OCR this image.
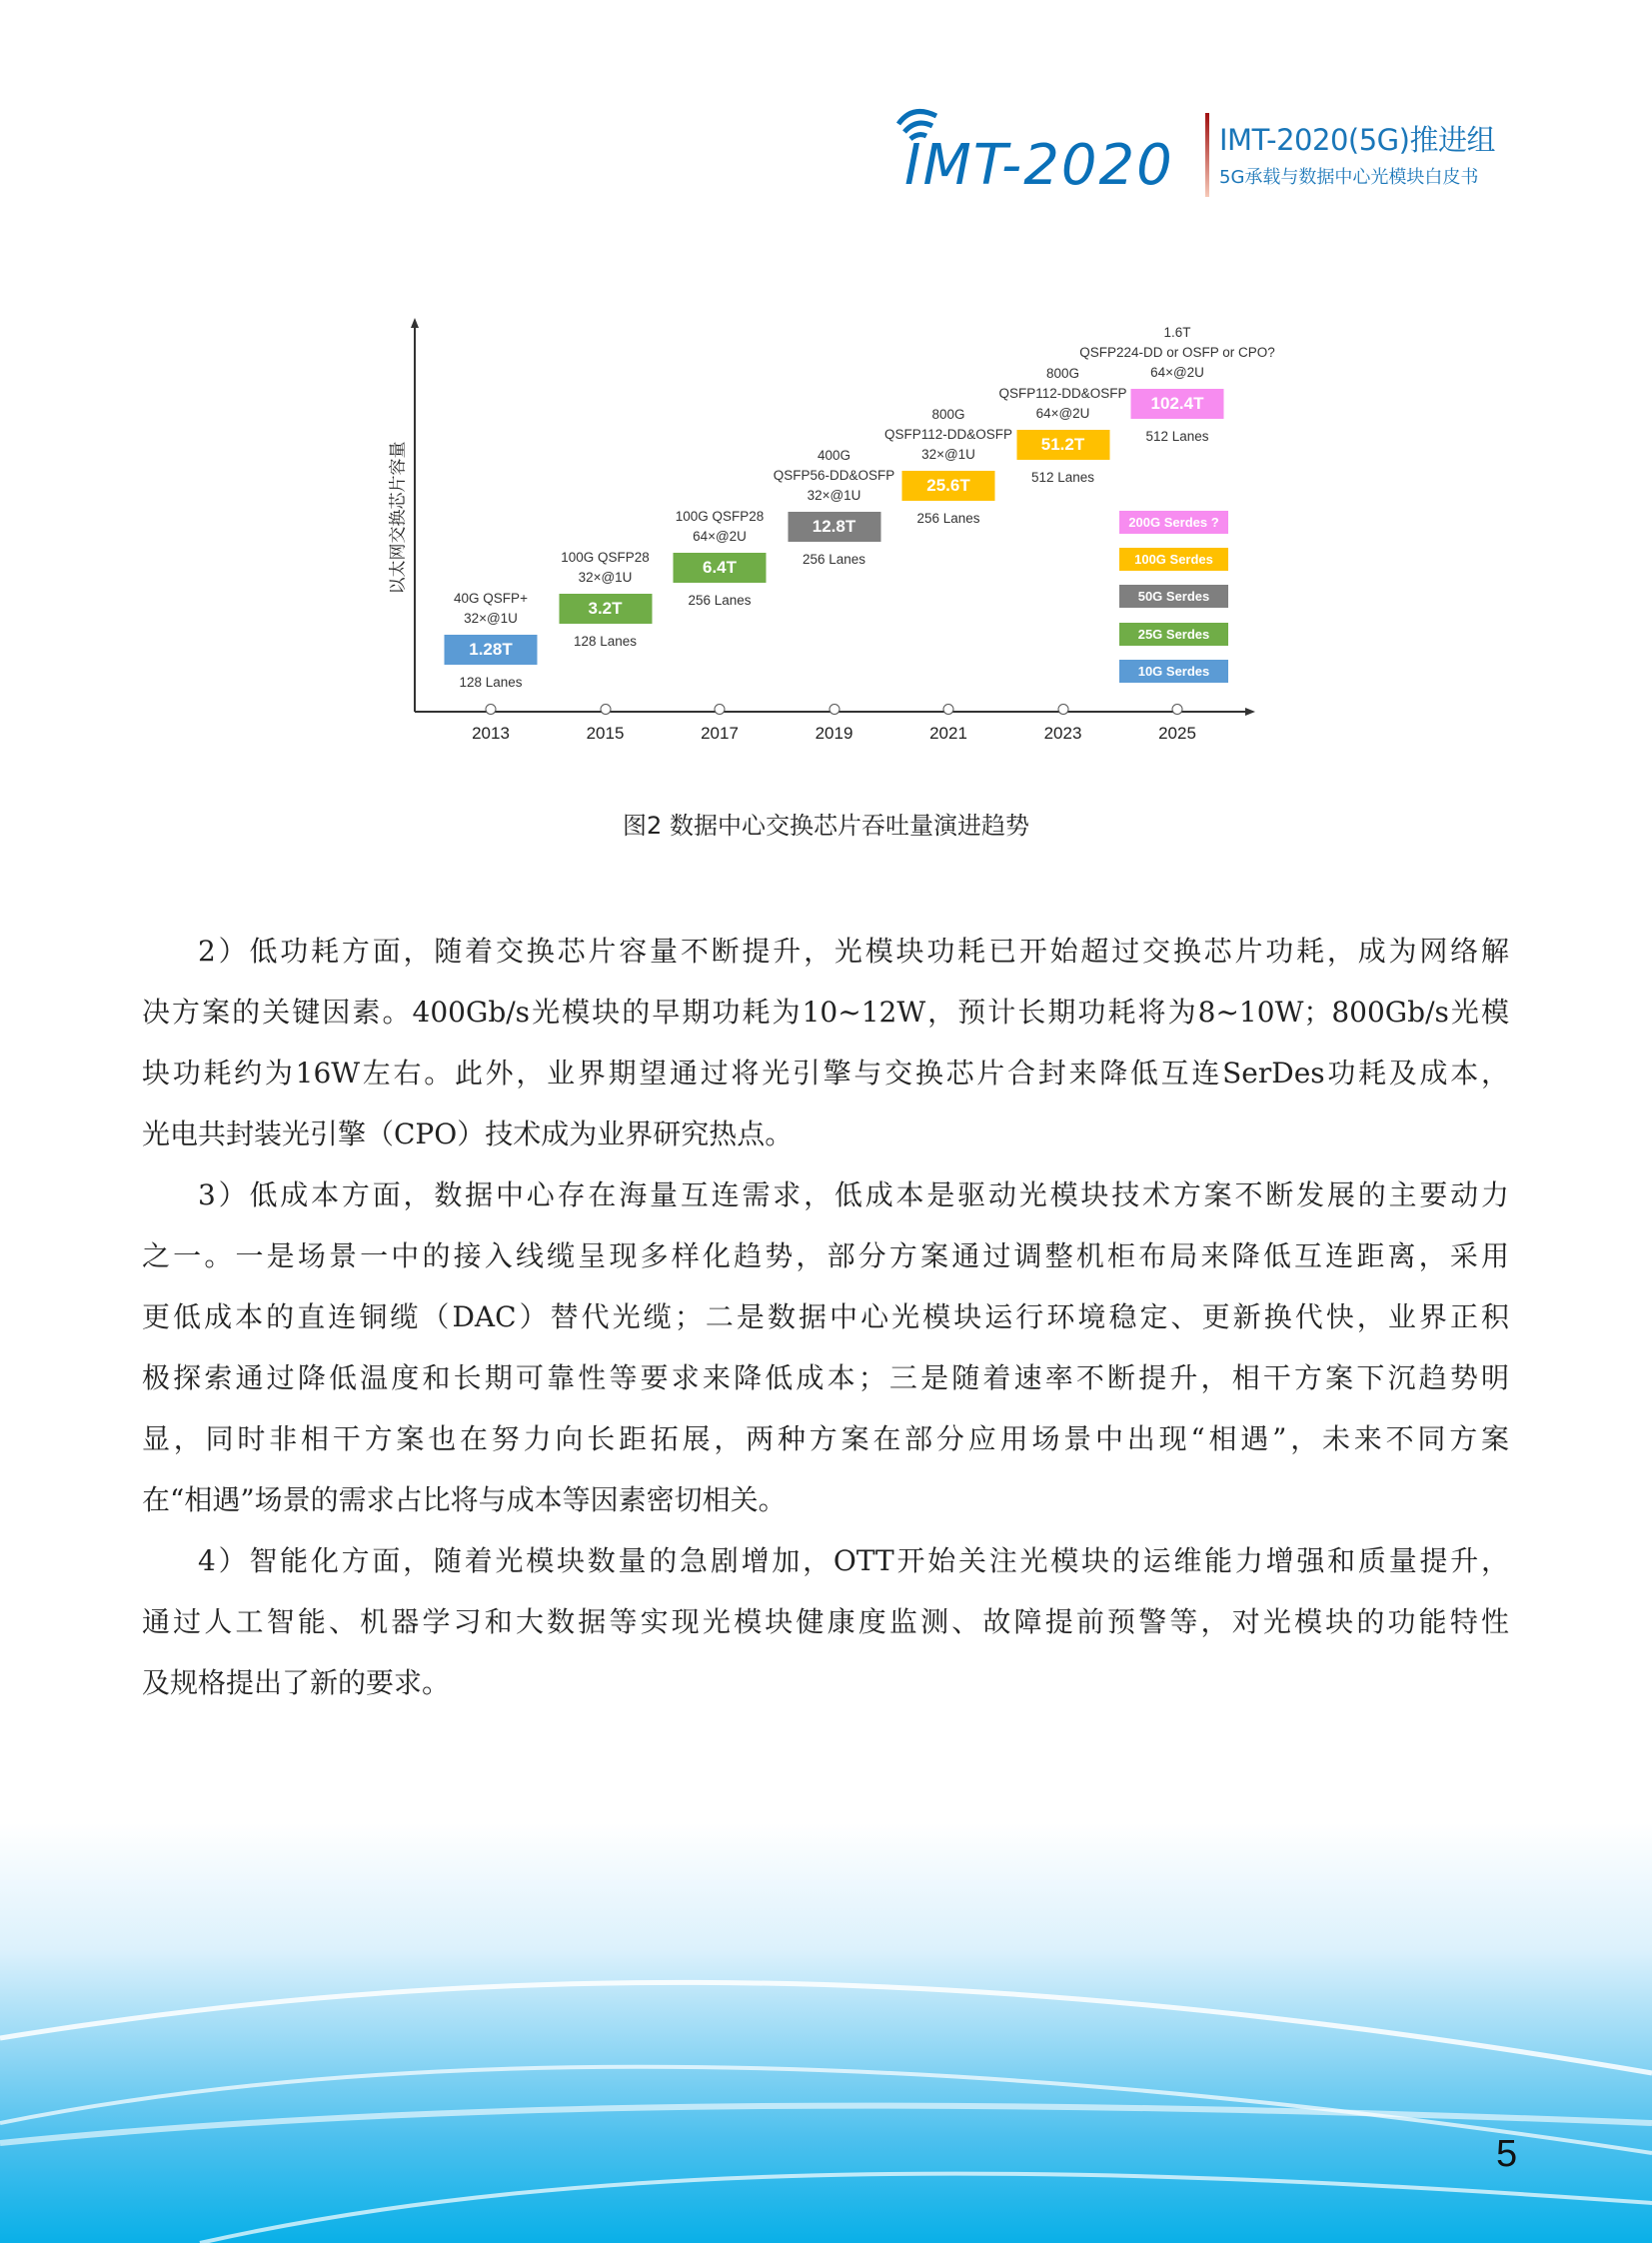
IMT-2020 IMT-2020(5G)推进组
5G承载与数据中心光模块白皮书
以太网交换芯片容量
2013	2015	2017	2019	2021	2023	2025
1.28T
128 Lanes
40G QSFP+
32×@1U
3.2T
128 Lanes
100G QSFP28
32×@1U
6.4T
256 Lanes
100G QSFP28
64×@2U
12.8T
256 Lanes
400G
QSFP56-DD&OSFP
32×@1U
25.6T
256 Lanes
800G
QSFP112-DD&OSFP
32×@1U
51.2T
512 Lanes
800G
QSFP112-DD&OSFP
64×@2U
102.4T
512 Lanes
1.6T
QSFP224-DD or OSFP or CPO?
64×@2U
200G Serdes ?
100G Serdes
50G Serdes
25G Serdes
10G Serdes
图2 数据中心交换芯片吞吐量演进趋势
2）低功耗方面，随着交换芯片容量不断提升，光模块功耗已开始超过交换芯片功耗，成为网络解
决方案的关键因素。400Gb/s光模块的早期功耗为10~12W，预计长期功耗将为8~10W；800Gb/s光模
块功耗约为16W左右。此外，业界期望通过将光引擎与交换芯片合封来降低互连SerDes功耗及成本，
光电共封装光引擎（CPO）技术成为业界研究热点。
3）低成本方面，数据中心存在海量互连需求，低成本是驱动光模块技术方案不断发展的主要动力
之一。一是场景一中的接入线缆呈现多样化趋势，部分方案通过调整机柜布局来降低互连距离，采用
更低成本的直连铜缆（DAC）替代光缆；二是数据中心光模块运行环境稳定、更新换代快，业界正积
极探索通过降低温度和长期可靠性等要求来降低成本；三是随着速率不断提升，相干方案下沉趋势明
显，同时非相干方案也在努力向长距拓展，两种方案在部分应用场景中出现“相遇”，未来不同方案
在“相遇”场景的需求占比将与成本等因素密切相关。
4）智能化方面，随着光模块数量的急剧增加，OTT开始关注光模块的运维能力增强和质量提升，
通过人工智能、机器学习和大数据等实现光模块健康度监测、故障提前预警等，对光模块的功能特性
及规格提出了新的要求。
5
